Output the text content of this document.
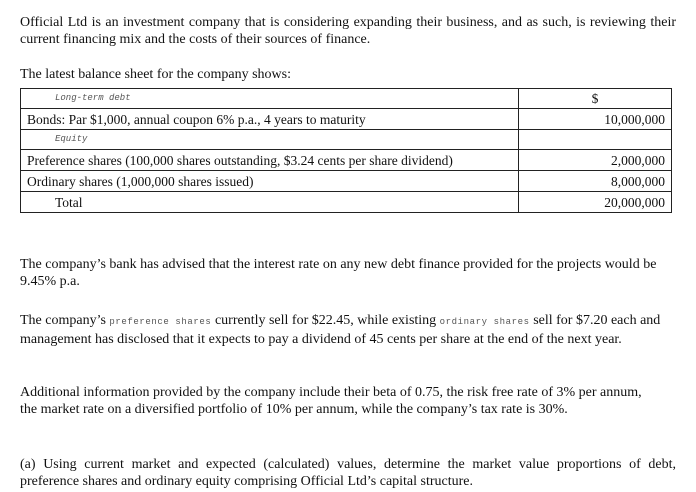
Official Ltd is an investment company that is considering expanding their business, and as such, is reviewing their current financing mix and the costs of their sources of finance.

The latest balance sheet for the company shows:

Long-term debt	$
Bonds: Par $1,000, annual coupon 6% p.a., 4 years to maturity	10,000,000
Equity	
Preference shares (100,000 shares outstanding, $3.24 cents per share dividend)	2,000,000
Ordinary shares (1,000,000 shares issued)	8,000,000
Total	20,000,000

The company’s bank has advised that the interest rate on any new debt finance provided for the projects would be 9.45% p.a.

The company’s preference shares currently sell for $22.45, while existing ordinary shares sell for $7.20 each and management has disclosed that it expects to pay a dividend of 45 cents per share at the end of the next year.

Additional information provided by the company include their beta of 0.75, the risk free rate of 3% per annum, the market rate on a diversified portfolio of 10% per annum, while the company’s tax rate is 30%.

(a) Using current market and expected (calculated) values, determine the market value proportions of debt, preference shares and ordinary equity comprising Official Ltd’s capital structure.
